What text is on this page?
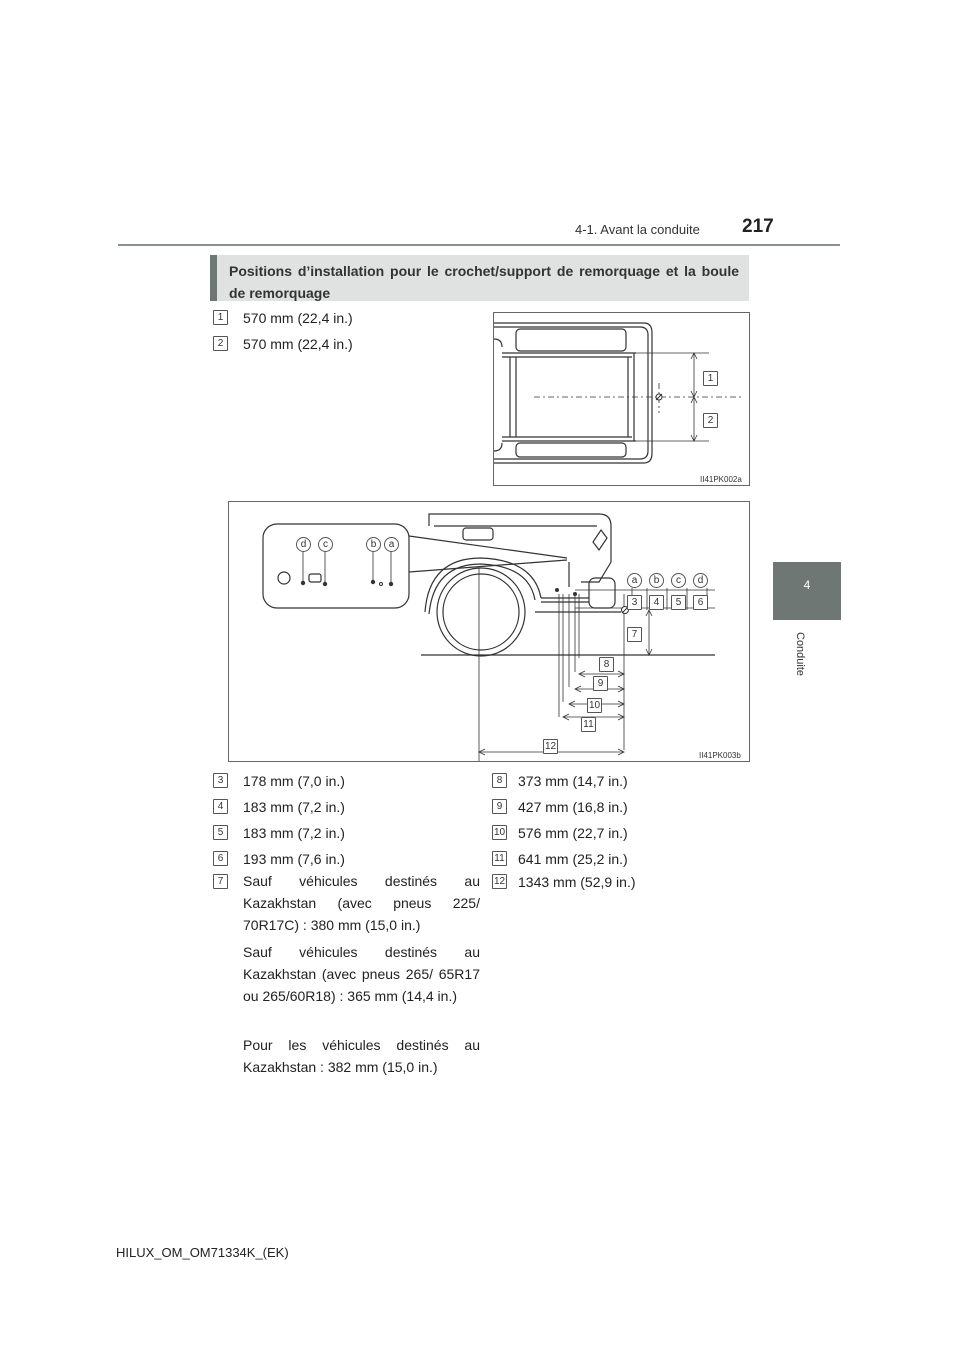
4-1. Avant la conduite 217
4
Conduite
Positions d’installation pour le crochet/support de remorquage et la boule de remorquage
1	570 mm (22,4 in.)
2	570 mm (22,4 in.)
1
2
II41PK002a
d	c	b	a
a	b	c	d
3	4	5	6
7
8
9
10
11
12
II41PK003b
3	178 mm (7,0 in.)
4	183 mm (7,2 in.)
5	183 mm (7,2 in.)
6	193 mm (7,6 in.)
7	Sauf véhicules destinés au Kazakhstan (avec pneus 225/ 70R17C) : 380 mm (15,0 in.)
Sauf véhicules destinés au Kazakhstan (avec pneus 265/ 65R17 ou 265/60R18) : 365 mm (14,4 in.)
Pour les véhicules destinés au Kazakhstan : 382 mm (15,0 in.)
8	373 mm (14,7 in.)
9	427 mm (16,8 in.)
10 576 mm (22,7 in.)
11 641 mm (25,2 in.)
12 1343 mm (52,9 in.)
HILUX_OM_OM71334K_(EK)
